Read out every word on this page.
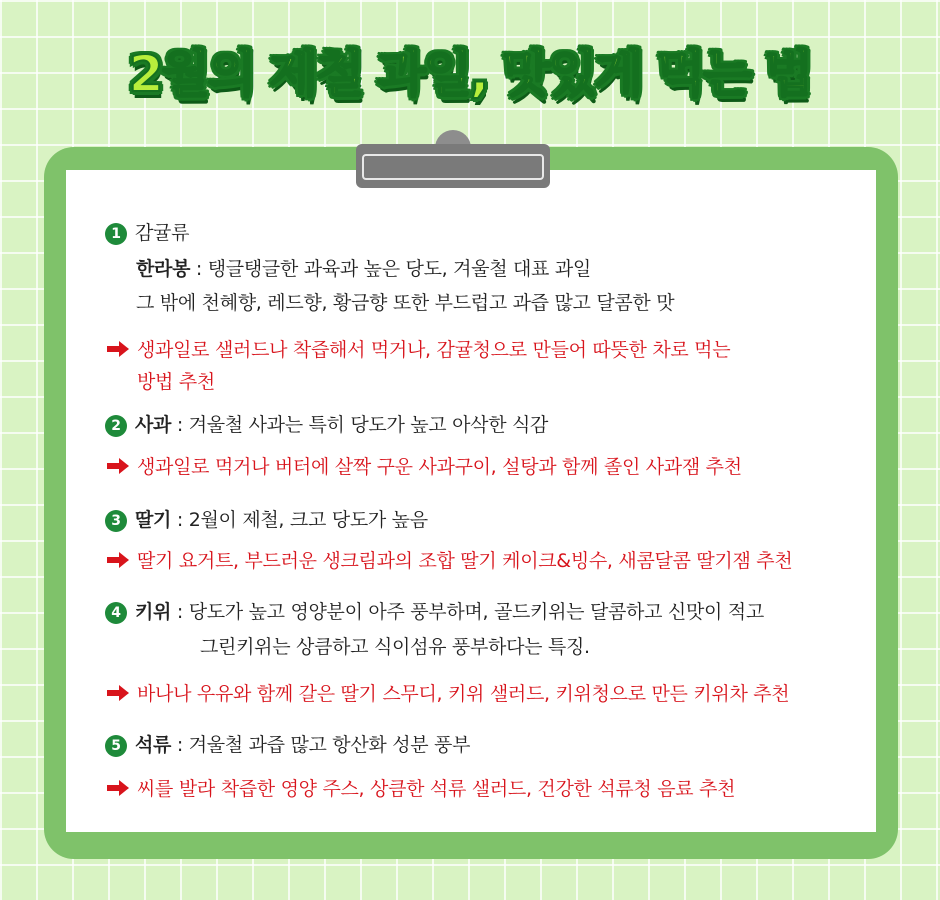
2월의 제철 과일, 맛있게 먹는 법
1 감귤류
한라봉 : 탱글탱글한 과육과 높은 당도, 겨울철 대표 과일
그 밖에 천혜향, 레드향, 황금향 또한 부드럽고 과즙 많고 달콤한 맛
생과일로 샐러드나 착즙해서 먹거나, 감귤청으로 만들어 따뜻한 차로 먹는
방법 추천
2 사과 : 겨울철 사과는 특히 당도가 높고 아삭한 식감
생과일로 먹거나 버터에 살짝 구운 사과구이, 설탕과 함께 졸인 사과잼 추천
3 딸기 : 2월이 제철, 크고 당도가 높음
딸기 요거트, 부드러운 생크림과의 조합 딸기 케이크&빙수, 새콤달콤 딸기잼 추천
4 키위 : 당도가 높고 영양분이 아주 풍부하며, 골드키위는 달콤하고 신맛이 적고
그린키위는 상큼하고 식이섬유 풍부하다는 특징.
바나나 우유와 함께 갈은 딸기 스무디, 키위 샐러드, 키위청으로 만든 키위차 추천
5 석류 : 겨울철 과즙 많고 항산화 성분 풍부
씨를 발라 착즙한 영양 주스, 상큼한 석류 샐러드, 건강한 석류청 음료 추천
